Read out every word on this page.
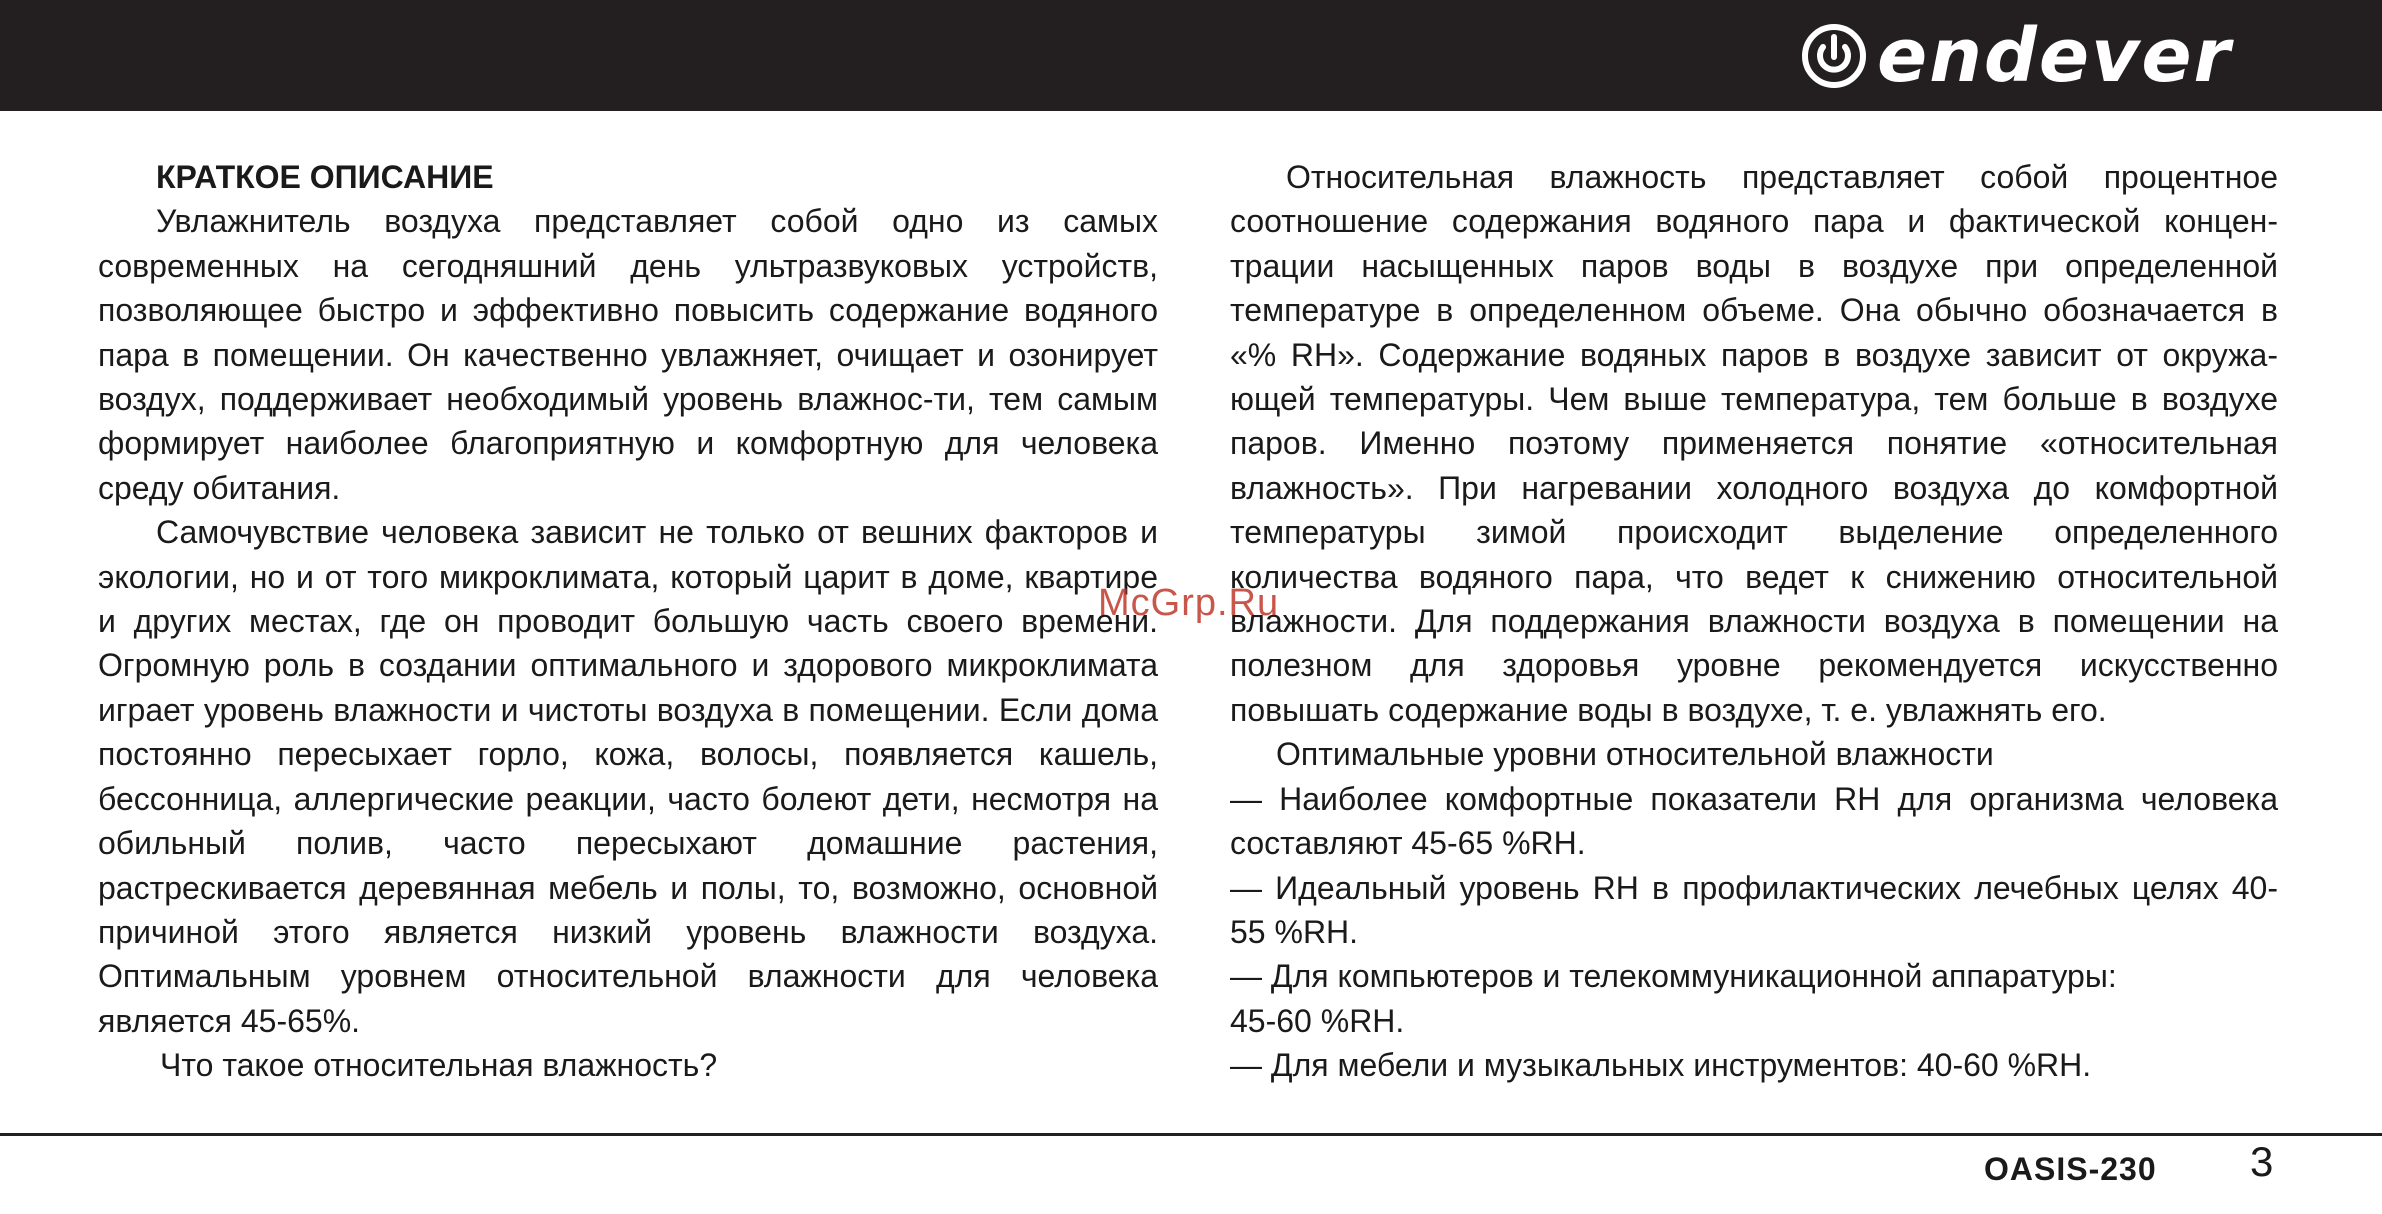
endever

КРАТКОЕ ОПИСАНИЕ

Увлажнитель воздуха представляет собой одно из самых современных на сегодняшний день ультразвуковых устройств, позволяющее быстро и эффективно повысить содержание водяного пара в помещении. Он качественно увлажняет, очищает и озонирует воздух, поддерживает необходимый уровень влажнос-ти, тем самым формирует наиболее благоприятную и комфортную для человека среду обитания.

Самочувствие человека зависит не только от вешних факторов и экологии, но и от того микроклимата, который царит в доме, квартире и других местах, где он проводит большую часть своего времени. Огромную роль в создании оптимального и здорового микроклимата играет уровень влажности и чистоты воздуха в помещении. Если дома постоянно пересыхает горло, кожа, волосы, появляется кашель, бессонница, аллергические реакции, часто болеют дети, несмотря на обильный полив, часто пересыхают домашние растения, растрескивается деревянная мебель и полы, то, возможно, основной причиной этого является низкий уровень влажности воздуха. Оптимальным уровнем относительной влажности для человека является 45-65%.

Что такое относительная влажность?

Относительная влажность представляет собой процентное соотношение содержания водяного пара и фактической концен-трации насыщенных паров воды в воздухе при определенной температуре в определенном объеме. Она обычно обозначается в «% RH». Содержание водяных паров в воздухе зависит от окружа-ющей температуры. Чем выше температура, тем больше в воздухе паров. Именно поэтому применяется понятие «относительная влажность». При нагревании холодного воздуха до комфортной температуры зимой происходит выделение определенного количества водяного пара, что ведет к снижению относительной влажности. Для поддержания влажности воздуха в помещении на полезном для здоровья уровне рекомендуется искусственно повышать содержание воды в воздухе, т. е. увлажнять его.

Оптимальные уровни относительной влажности

— Наиболее комфортные показатели RH для организма человека составляют 45-65 %RH.

— Идеальный уровень RH в профилактических лечебных целях 40-55 %RH.

— Для компьютеров и телекоммуникационной аппаратуры:

45-60 %RH.

— Для мебели и музыкальных инструментов: 40-60 %RH.

McGrp.Ru
OASIS-230 3
